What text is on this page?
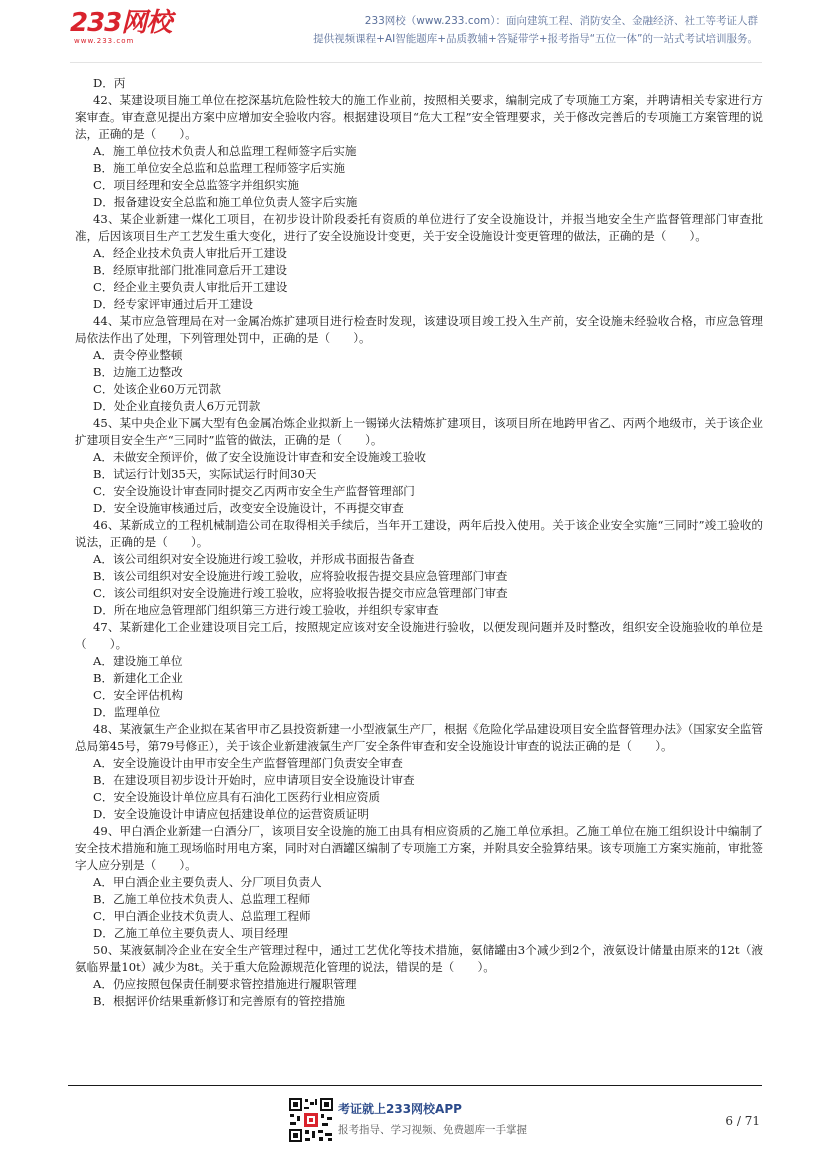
233网校
www.233.com
233网校（www.233.com）：面向建筑工程、消防安全、金融经济、社工等考证人群
提供视频课程+AI智能题库+品质教辅+答疑带学+报考指导“五位一体”的一站式考试培训服务。

D．丙

42、某建设项目施工单位在挖深基坑危险性较大的施工作业前，按照相关要求，编制完成了专项施工方案，并聘请相关专家进行方案审查。审查意见提出方案中应增加安全验收内容。根据建设项目“危大工程”安全管理要求，关于修改完善后的专项施工方案管理的说法，正确的是（　　）。

A．施工单位技术负责人和总监理工程师签字后实施

B．施工单位安全总监和总监理工程师签字后实施

C．项目经理和安全总监签字并组织实施

D．报备建设安全总监和施工单位负责人签字后实施

43、某企业新建一煤化工项目，在初步设计阶段委托有资质的单位进行了安全设施设计，并报当地安全生产监督管理部门审查批准，后因该项目生产工艺发生重大变化，进行了安全设施设计变更，关于安全设施设计变更管理的做法，正确的是（　　）。

A．经企业技术负责人审批后开工建设

B．经原审批部门批准同意后开工建设

C．经企业主要负责人审批后开工建设

D．经专家评审通过后开工建设

44、某市应急管理局在对一金属冶炼扩建项目进行检查时发现，该建设项目竣工投入生产前，安全设施未经验收合格，市应急管理局依法作出了处理，下列管理处罚中，正确的是（　　）。

A．责令停业整顿

B．边施工边整改

C．处该企业60万元罚款

D．处企业直接负责人6万元罚款

45、某中央企业下属大型有色金属冶炼企业拟新上一锡锑火法精炼扩建项目，该项目所在地跨甲省乙、丙两个地级市，关于该企业扩建项目安全生产“三同时”监管的做法，正确的是（　　）。

A．未做安全预评价，做了安全设施设计审查和安全设施竣工验收

B．试运行计划35天，实际试运行时间30天

C．安全设施设计审查同时提交乙丙两市安全生产监督管理部门

D．安全设施审核通过后，改变安全设施设计，不再提交审查

46、某新成立的工程机械制造公司在取得相关手续后，当年开工建设，两年后投入使用。关于该企业安全实施“三同时”竣工验收的说法，正确的是（　　）。

A．该公司组织对安全设施进行竣工验收，并形成书面报告备查

B．该公司组织对安全设施进行竣工验收，应将验收报告提交县应急管理部门审查

C．该公司组织对安全设施进行竣工验收，应将验收报告提交市应急管理部门审查

D．所在地应急管理部门组织第三方进行竣工验收，并组织专家审查

47、某新建化工企业建设项目完工后，按照规定应该对安全设施进行验收，以便发现问题并及时整改，组织安全设施验收的单位是（　　）。

A．建设施工单位

B．新建化工企业

C．安全评估机构

D．监理单位

48、某液氯生产企业拟在某省甲市乙县投资新建一小型液氯生产厂，根据《危险化学品建设项目安全监督管理办法》（国家安全监管总局第45号，第79号修正），关于该企业新建液氯生产厂安全条件审查和安全设施设计审查的说法正确的是（　　）。

A．安全设施设计由甲市安全生产监督管理部门负责安全审查

B．在建设项目初步设计开始时，应申请项目安全设施设计审查

C．安全设施设计单位应具有石油化工医药行业相应资质

D．安全设施设计申请应包括建设单位的运营资质证明

49、甲白酒企业新建一白酒分厂，该项目安全设施的施工由具有相应资质的乙施工单位承担。乙施工单位在施工组织设计中编制了安全技术措施和施工现场临时用电方案，同时对白酒罐区编制了专项施工方案，并附具安全验算结果。该专项施工方案实施前，审批签字人应分别是（　　）。

A．甲白酒企业主要负责人、分厂项目负责人

B．乙施工单位技术负责人、总监理工程师

C．甲白酒企业技术负责人、总监理工程师

D．乙施工单位主要负责人、项目经理

50、某液氨制冷企业在安全生产管理过程中，通过工艺优化等技术措施，氨储罐由3个减少到2个，液氨设计储量由原来的12t（液氨临界量10t）减少为8t。关于重大危险源规范化管理的说法，错误的是（　　）。

A．仍应按照包保责任制要求管控措施进行履职管理

B．根据评价结果重新修订和完善原有的管控措施

考证就上233网校APP
报考指导、学习视频、免费题库一手掌握
6 / 71
